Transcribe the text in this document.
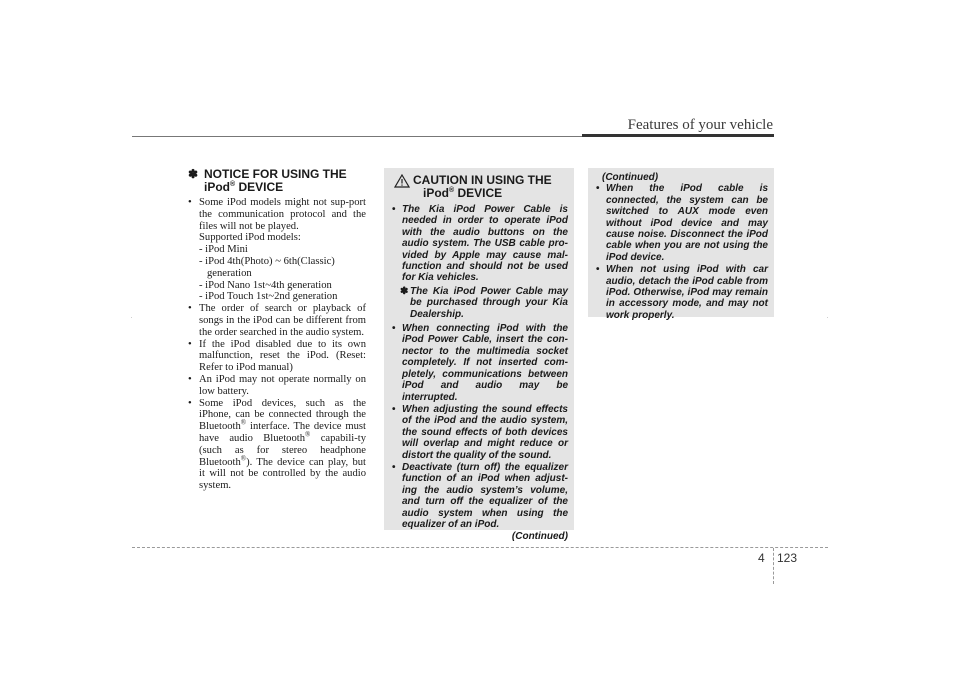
Features of your vehicle
✽ NOTICE FOR USING THE
iPod® DEVICE
• Some iPod models might not sup-port the communication protocol and the files will not be played.
Supported iPod models:
- iPod Mini
- iPod 4th(Photo) ~ 6th(Classic)
generation
- iPod Nano 1st~4th generation
- iPod Touch 1st~2nd generation
• The order of search or playback of songs in the iPod can be different from the order searched in the audio system.
• If the iPod disabled due to its own malfunction, reset the iPod. (Reset: Refer to iPod manual)
• An iPod may not operate normally on low battery.
• Some iPod devices, such as the iPhone, can be connected through the Bluetooth® interface. The device must have audio Bluetooth® capabili-ty (such as for stereo headphone Bluetooth®). The device can play, but it will not be controlled by the audio system.
CAUTION IN USING THE
iPod® DEVICE
• The Kia iPod Power Cable is needed in order to operate iPod with the audio buttons on the audio system. The USB cable pro-vided by Apple may cause mal-function and should not be used for Kia vehicles.
✽ The Kia iPod Power Cable may be purchased through your Kia Dealership.
• When connecting iPod with the iPod Power Cable, insert the con-nector to the multimedia socket completely. If not inserted com-pletely, communications between iPod and audio may be interrupted.
• When adjusting the sound effects of the iPod and the audio system, the sound effects of both devices will overlap and might reduce or distort the quality of the sound.
• Deactivate (turn off) the equalizer function of an iPod when adjust-ing the audio system’s volume, and turn off the equalizer of the audio system when using the equalizer of an iPod.
(Continued)
(Continued)
• When the iPod cable is connected, the system can be switched to AUX mode even without iPod device and may cause noise. Disconnect the iPod cable when you are not using the iPod device.
• When not using iPod with car audio, detach the iPod cable from iPod. Otherwise, iPod may remain in accessory mode, and may not work properly.
4 123
